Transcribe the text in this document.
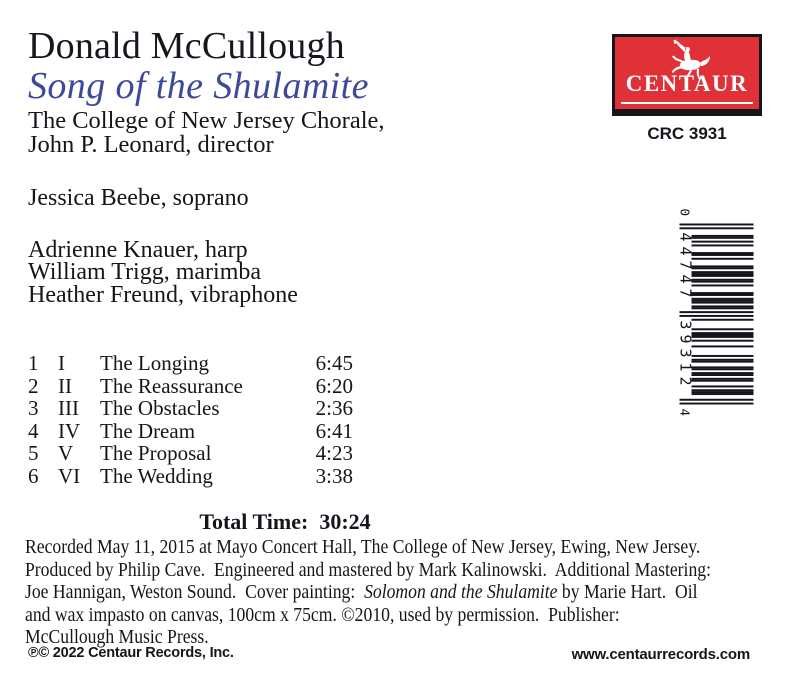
Donald McCullough
Song of the Shulamite
The College of New Jersey Chorale,
John P. Leonard, director
Jessica Beebe, soprano
Adrienne Knauer, harp
William Trigg, marimba
Heather Freund, vibraphone
1 I	The Longing	6:45
2 II	The Reassurance	6:20
3 III	The Obstacles	2:36
4 IV The Dream	6:41
5 V	The Proposal	4:23
6 VI The Wedding	3:38
Total Time:  30:24
Recorded May 11, 2015 at Mayo Concert Hall, The College of New Jersey, Ewing, New Jersey.
Produced by Philip Cave.  Engineered and mastered by Mark Kalinowski.  Additional Mastering:
Joe Hannigan, Weston Sound.  Cover painting:  Solomon and the Shulamite by Marie Hart.  Oil
and wax impasto on canvas, 100cm x 75cm. ©2010, used by permission.  Publisher:
McCullough Music Press.
℗© 2022 Centaur Records, Inc.	www.centaurrecords.com
CENTAUR
CRC 3931
0
44747
39312
4
